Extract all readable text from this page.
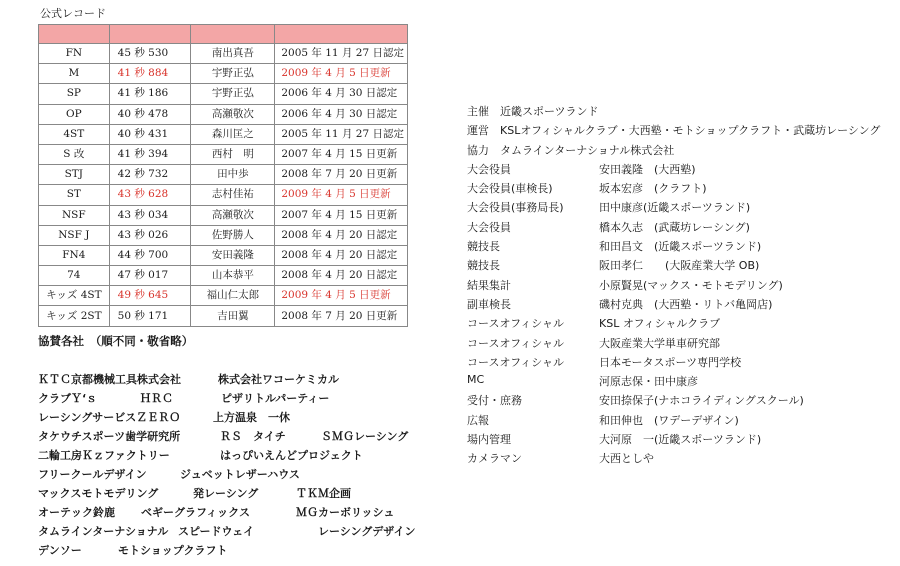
公式レコード

FN	45 秒 530	南出真吾	2005 年 11 月 27 日認定
M	41 秒 884	宇野正弘	2009 年 4 月 5 日更新
SP	41 秒 186	宇野正弘	2006 年 4 月 30 日認定
OP	40 秒 478	高瀬敬次	2006 年 4 月 30 日認定
4ST	40 秒 431	森川匡之	2005 年 11 月 27 日認定
S 改	41 秒 394	西村　明	2007 年 4 月 15 日更新
STJ	42 秒 732	田中歩	2008 年 7 月 20 日更新
ST	43 秒 628	志村佳祐	2009 年 4 月 5 日更新
NSF	43 秒 034	高瀬敬次	2007 年 4 月 15 日更新
NSF J	43 秒 026	佐野勝人	2008 年 4 月 20 日認定
FN4	44 秒 700	安田義隆	2008 年 4 月 20 日認定
74	47 秒 017	山本恭平	2008 年 4 月 20 日認定
キッズ 4ST	49 秒 645	福山仁太郎	2009 年 4 月 5 日更新
キッズ 2ST	50 秒 171	吉田翼	2008 年 7 月 20 日更新
協賛各社　（順不同・敬省略）
ＫＴＣ京都機械工具株式会社	株式会社ワコーケミカル
クラブＹ‘ｓ	ＨＲＣ	ピザリトルパーティー
レーシングサービスＺＥＲＯ	上方温泉　一休
タケウチスポーツ歯学研究所	ＲＳ　タイチ	ＳＭＧレーシング
二輪工房Ｋｚファクトリー	はっぴいえんどプロジェクト
フリークールデザイン	ジュベットレザーハウス
マックスモトモデリング	発レーシング	ＴＫＭ企画
オーテック鈴鹿 ベギーグラフィックス	ＭＧカーボリッシュ
タムラインターナショナル スピードウェイ	レーシングデザイン
デンソー	モトショップクラフト
主催　近畿スポーツランド
運営　KSLオフィシャルクラブ・大西塾・モトショップクラフト・武蔵坊レーシング
協力　タムラインターナショナル株式会社
大会役員	安田義隆　(大西塾)
大会役員(車検長)	坂本宏彦　(クラフト)
大会役員(事務局長)	田中康彦(近畿スポーツランド)
大会役員	橋本久志　(武蔵坊レーシング)
競技長	和田昌文　(近畿スポーツランド)
競技長	阪田孝仁　　(大阪産業大学 OB)
結果集計	小原賢晃(マックス・モトモデリング)
副車検長	磯村克典　(大西塾・リトバ亀岡店)
コースオフィシャル	KSL オフィシャルクラブ
コースオフィシャル	大阪産業大学単車研究部
コースオフィシャル	日本モータスポーツ専門学校
MC	河原志保・田中康彦
受付・庶務	安田捺保子(ナホコライディングスクール)
広報	和田伸也　(ワデーデザイン)
場内管理	大河原　一(近畿スポーツランド)
カメラマン	大西としや
